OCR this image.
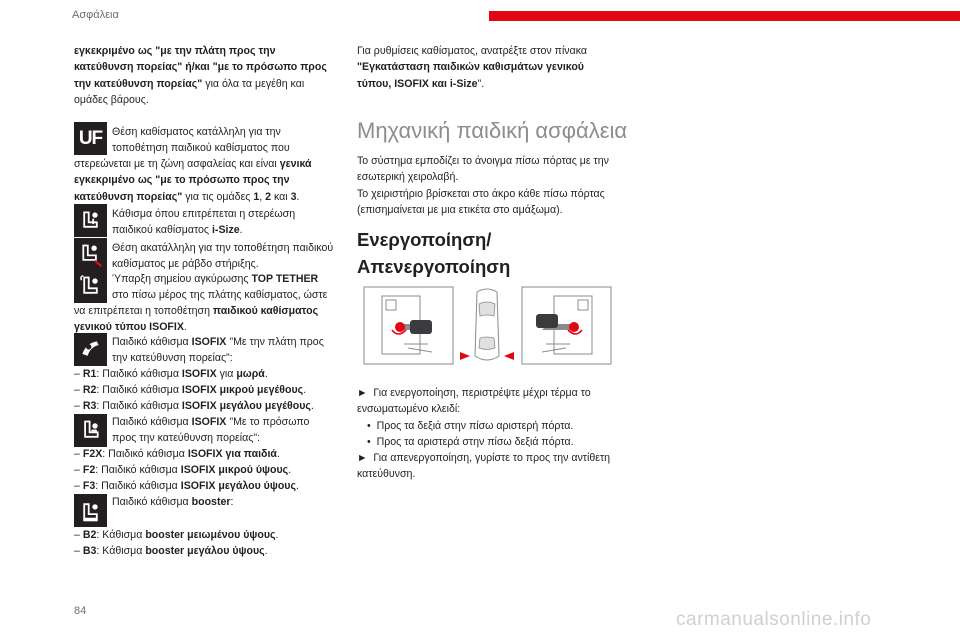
Ασφάλεια

εγκεκριμένο ως "με την πλάτη προς την

κατεύθυνση πορείας" ή/και "με το πρόσωπο προς

την κατεύθυνση πορείας" για όλα τα μεγέθη και

ομάδες βάρους.

UF Θέση καθίσματος κατάλληλη για την
τοποθέτηση παιδικού καθίσματος που

στερεώνεται με τη ζώνη ασφαλείας και είναι γενικά

εγκεκριμένο ως "με το πρόσωπο προς την

κατεύθυνση πορείας" για τις ομάδες 1, 2 και 3.

Κάθισμα όπου επιτρέπεται η στερέωση
παιδικού καθίσματος i-Size.
Θέση ακατάλληλη για την τοποθέτηση παιδικού
καθίσματος με ράβδο στήριξης.
Ύπαρξη σημείου αγκύρωσης TOP TETHER
στο πίσω μέρος της πλάτης καθίσματος, ώστε

να επιτρέπεται η τοποθέτηση παιδικού καθίσματος

γενικού τύπου ISOFIX.

Παιδικό κάθισμα ISOFIX "Με την πλάτη προς
την κατεύθυνση πορείας":
– R1: Παιδικό κάθισμα ISOFIX για μωρά.
– R2: Παιδικό κάθισμα ISOFIX μικρού μεγέθους.
– R3: Παιδικό κάθισμα ISOFIX μεγάλου μεγέθους.
Παιδικό κάθισμα ISOFIX "Με το πρόσωπο
προς την κατεύθυνση πορείας":
– F2X: Παιδικό κάθισμα ISOFIX για παιδιά.
– F2: Παιδικό κάθισμα ISOFIX μικρού ύψους.
– F3: Παιδικό κάθισμα ISOFIX μεγάλου ύψους.
Παιδικό κάθισμα booster:
– B2: Κάθισμα booster μειωμένου ύψους.
– B3: Κάθισμα booster μεγάλου ύψους.

Για ρυθμίσεις καθίσματος, ανατρέξτε στον πίνακα

"Εγκατάσταση παιδικών καθισμάτων γενικού

τύπου, ISOFIX και i-Size".

Μηχανική παιδική ασφάλεια

Το σύστημα εμποδίζει το άνοιγμα πίσω πόρτας με την

εσωτερική χειρολαβή.

Το χειριστήριο βρίσκεται στο άκρο κάθε πίσω πόρτας

(επισημαίνεται με μια ετικέτα στο αμάξωμα).

Ενεργοποίηση/
Απενεργοποίηση

► Για ενεργοποίηση, περιστρέψτε μέχρι τέρμα το

ενσωματωμένο κλειδί:

• Προς τα δεξιά στην πίσω αριστερή πόρτα.

• Προς τα αριστερά στην πίσω δεξιά πόρτα.

► Για απενεργοποίηση, γυρίστε το προς την αντίθετη

κατεύθυνση.

84	carmanualsonline.info
